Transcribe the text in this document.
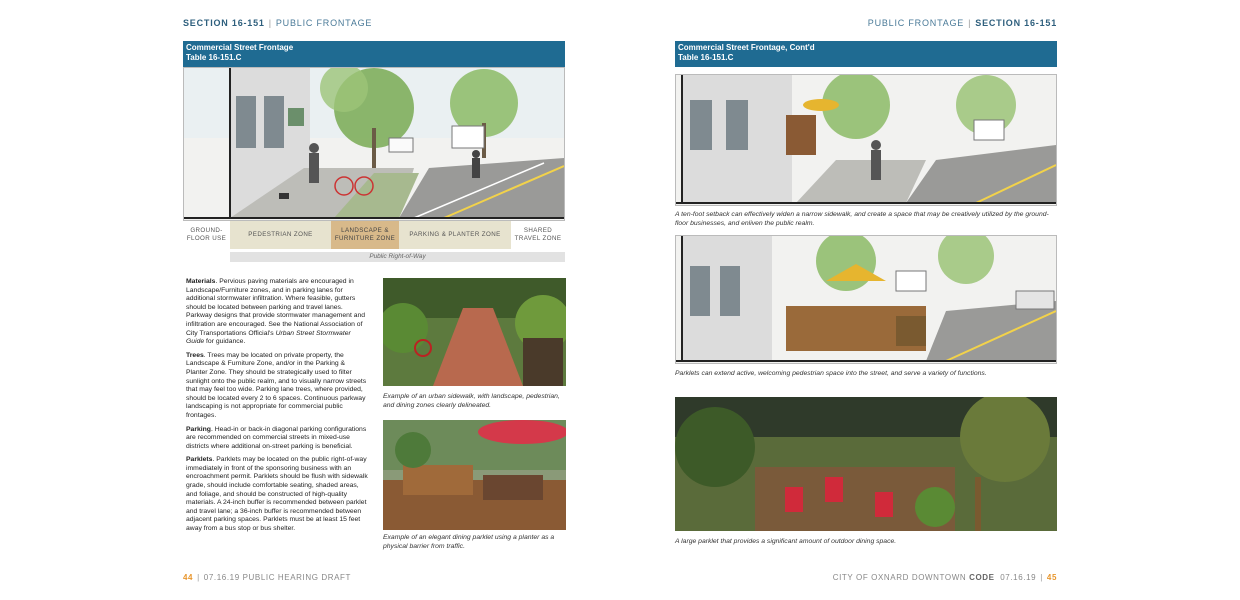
SECTION 16-151 | PUBLIC FRONTAGE
Commercial Street Frontage
Table 16-151.C
GROUND-FLOOR USE
PEDESTRIAN ZONE
LANDSCAPE & FURNITURE ZONE
PARKING & PLANTER ZONE
SHARED TRAVEL ZONE
Public Right-of-Way

Materials. Pervious paving materials are encouraged in Landscape/Furniture zones, and in parking lanes for additional stormwater infiltration. Where feasible, gutters should be located between parking and travel lanes. Parkway designs that provide stormwater management and infiltration are encouraged. See the National Association of City Transportations Official's Urban Street Stormwater Guide for guidance.

Trees. Trees may be located on private property, the Landscape & Furniture Zone, and/or in the Parking & Planter Zone. They should be strategically used to filter sunlight onto the public realm, and to visually narrow streets that may feel too wide. Parking lane trees, where provided, should be located every 2 to 6 spaces. Continuous parkway landscaping is not appropriate for commercial public frontages.

Parking. Head-in or back-in diagonal parking configurations are recommended on commercial streets in mixed-use districts where additional on-street parking is beneficial.

Parklets. Parklets may be located on the public right-of-way immediately in front of the sponsoring business with an encroachment permit. Parklets should be flush with sidewalk grade, should include comfortable seating, shaded areas, and foliage, and should be constructed of high-quality materials. A 24-inch buffer is recommended between parklet and travel lane; a 36-inch buffer is recommended between adjacent parking spaces. Parklets must be at least 15 feet away from a bus stop or bus shelter.

Example of an urban sidewalk, with landscape, pedestrian, and dining zones clearly delineated.
Example of an elegant dining parklet using a planter as a physical barrier from traffic.
44 | 07.16.19 PUBLIC HEARING DRAFT
PUBLIC FRONTAGE | SECTION 16-151
Commercial Street Frontage, Cont'd
Table 16-151.C
A ten-foot setback can effectively widen a narrow sidewalk, and create a space that may be creatively utilized by the ground-floor businesses, and enliven the public realm.
Parklets can extend active, welcoming pedestrian space into the street, and serve a variety of functions.
A large parklet that provides a significant amount of outdoor dining space.
CITY OF OXNARD DOWNTOWN CODE 07.16.19 | 45
